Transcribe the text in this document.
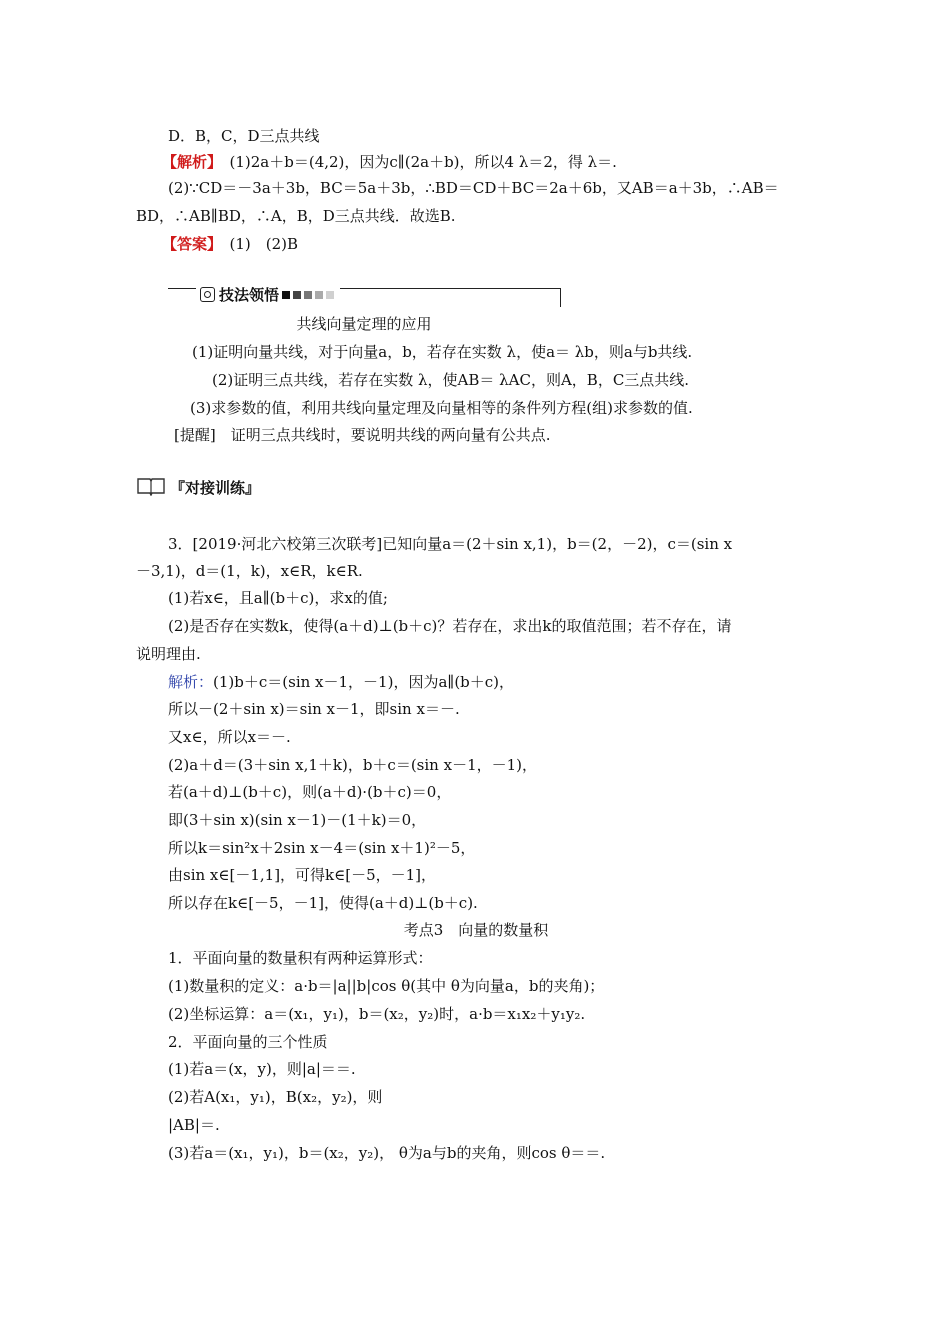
D．B，C，D三点共线
【解析】　(1)2a＋b＝(4,2)，因为c∥(2a＋b)，所以4 λ＝2，得 λ＝.
(2)∵CD＝－3a＋3b，BC＝5a＋3b，∴BD＝CD＋BC＝2a＋6b，又AB＝a＋3b，∴AB＝
BD，∴AB∥BD，∴A，B，D三点共线．故选B.
【答案】　(1)　(2)B
技法领悟
共线向量定理的应用
(1)证明向量共线，对于向量a，b，若存在实数 λ，使a＝ λb，则a与b共线.
(2)证明三点共线，若存在实数 λ，使AB＝ λAC，则A，B，C三点共线.
(3)求参数的值，利用共线向量定理及向量相等的条件列方程(组)求参数的值.
[提醒]　证明三点共线时，要说明共线的两向量有公共点.
『对接训练』
3．[2019·河北六校第三次联考]已知向量a＝(2＋sin x,1)，b＝(2，－2)，c＝(sin x
－3,1)，d＝(1，k)，x∈R，k∈R.
(1)若x∈，且a∥(b＋c)，求x的值;
(2)是否存在实数k，使得(a＋d)⊥(b＋c)？若存在，求出k的取值范围；若不存在，请
说明理由.
解析：(1)b＋c＝(sin x－1，－1)，因为a∥(b＋c)，
所以－(2＋sin x)＝sin x－1，即sin x＝－.
又x∈，所以x＝－.
(2)a＋d＝(3＋sin x,1＋k)，b＋c＝(sin x－1，－1)，
若(a＋d)⊥(b＋c)，则(a＋d)·(b＋c)＝0，
即(3＋sin x)(sin x－1)－(1＋k)＝0，
所以k＝sin²x＋2sin x－4＝(sin x＋1)²－5，
由sin x∈[－1,1]，可得k∈[－5，－1]，
所以存在k∈[－5，－1]，使得(a＋d)⊥(b＋c).
考点3　向量的数量积
1．平面向量的数量积有两种运算形式：
(1)数量积的定义：a·b＝|a||b|cos θ(其中 θ为向量a，b的夹角)；
(2)坐标运算：a＝(x₁，y₁)，b＝(x₂，y₂)时，a·b＝x₁x₂＋y₁y₂.
2．平面向量的三个性质
(1)若a＝(x，y)，则|a|＝＝.
(2)若A(x₁，y₁)，B(x₂，y₂)，则
|AB|＝.
(3)若a＝(x₁，y₁)，b＝(x₂，y₂)， θ为a与b的夹角，则cos θ＝＝.
